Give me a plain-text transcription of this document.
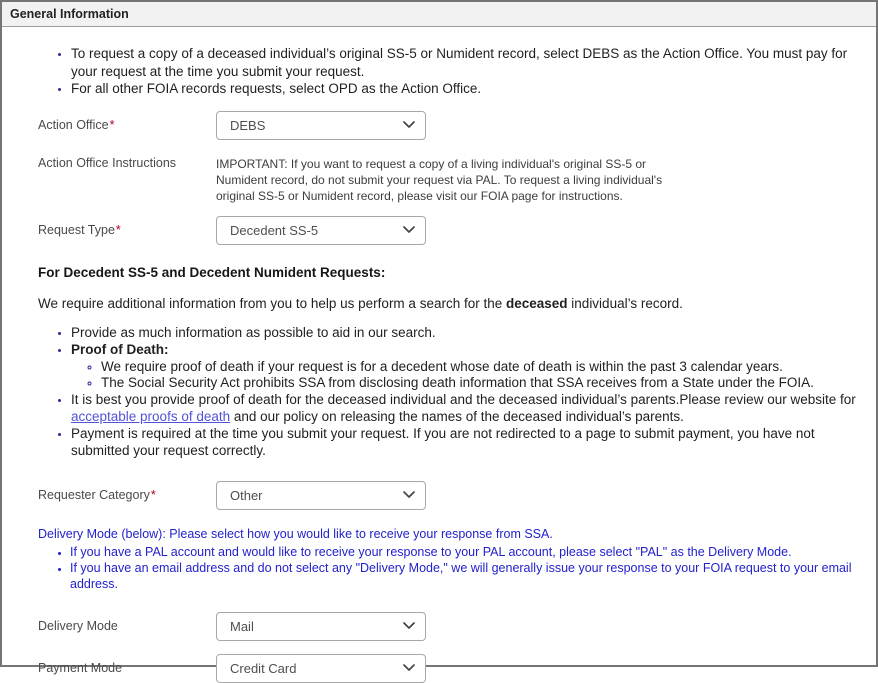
General Information
• To request a copy of a deceased individual’s original SS-5 or Numident record, select DEBS as the Action Office. You must pay for your request at the time you submit your request.
• For all other FOIA records requests, select OPD as the Action Office.
Action Office*
DEBS
Action Office Instructions	IMPORTANT: If you want to request a copy of a living individual's original SS-5 or Numident record, do not submit your request via PAL. To request a living individual's original SS-5 or Numident record, please visit our FOIA page for instructions.
Request Type*
Decedent SS-5
For Decedent SS-5 and Decedent Numident Requests:

We require additional information from you to help us perform a search for the deceased individual’s record.

• Provide as much information as possible to aid in our search.
• Proof of Death:
◦ We require proof of death if your request is for a decedent whose date of death is within the past 3 calendar years.
◦ The Social Security Act prohibits SSA from disclosing death information that SSA receives from a State under the FOIA.
• It is best you provide proof of death for the deceased individual and the deceased individual’s parents.Please review our website for acceptable proofs of death and our policy on releasing the names of the deceased individual’s parents.
• Payment is required at the time you submit your request. If you are not redirected to a page to submit payment, you have not submitted your request correctly.
Requester Category*
Other
Delivery Mode (below): Please select how you would like to receive your response from SSA.
• If you have a PAL account and would like to receive your response to your PAL account, please select "PAL" as the Delivery Mode.
• If you have an email address and do not select any "Delivery Mode," we will generally issue your response to your FOIA request to your email address.
Delivery Mode
Mail
Payment Mode
Credit Card
